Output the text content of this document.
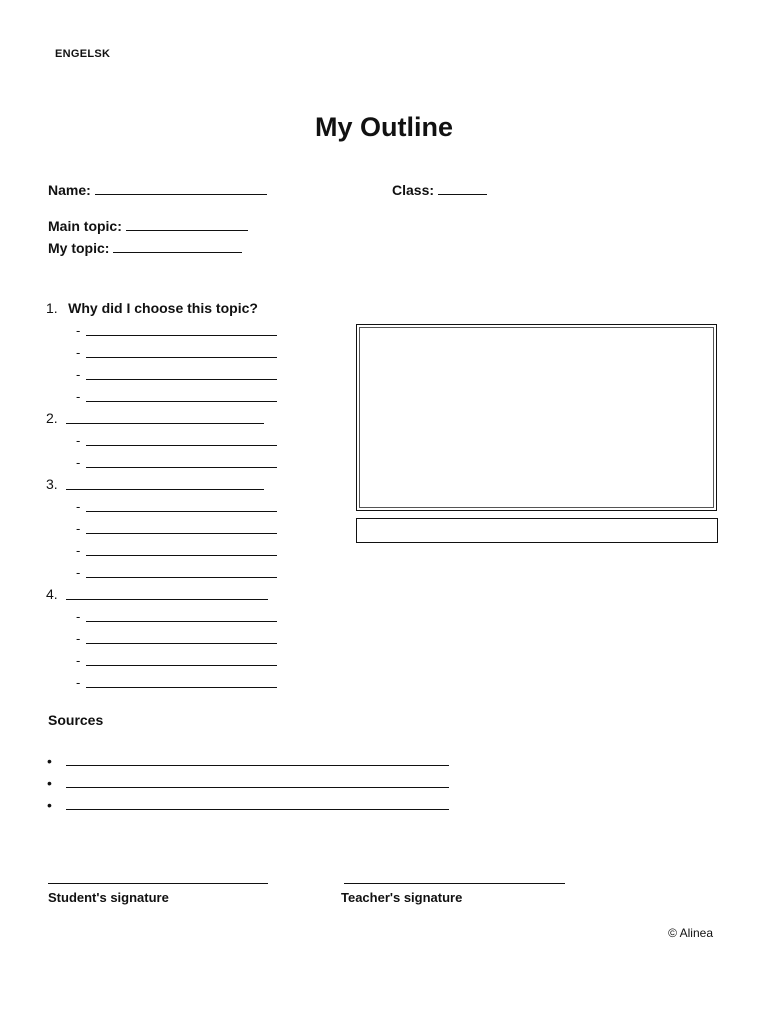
ENGELSK
My Outline
Name:	Class:
Main topic:
My topic:
1. Why did I choose this topic?
-
-
-
-
2.
-
-
3.
-
-
-
-
4.
-
-
-
-
Sources
•
•
•
Student's signature	Teacher's signature
© Alinea
